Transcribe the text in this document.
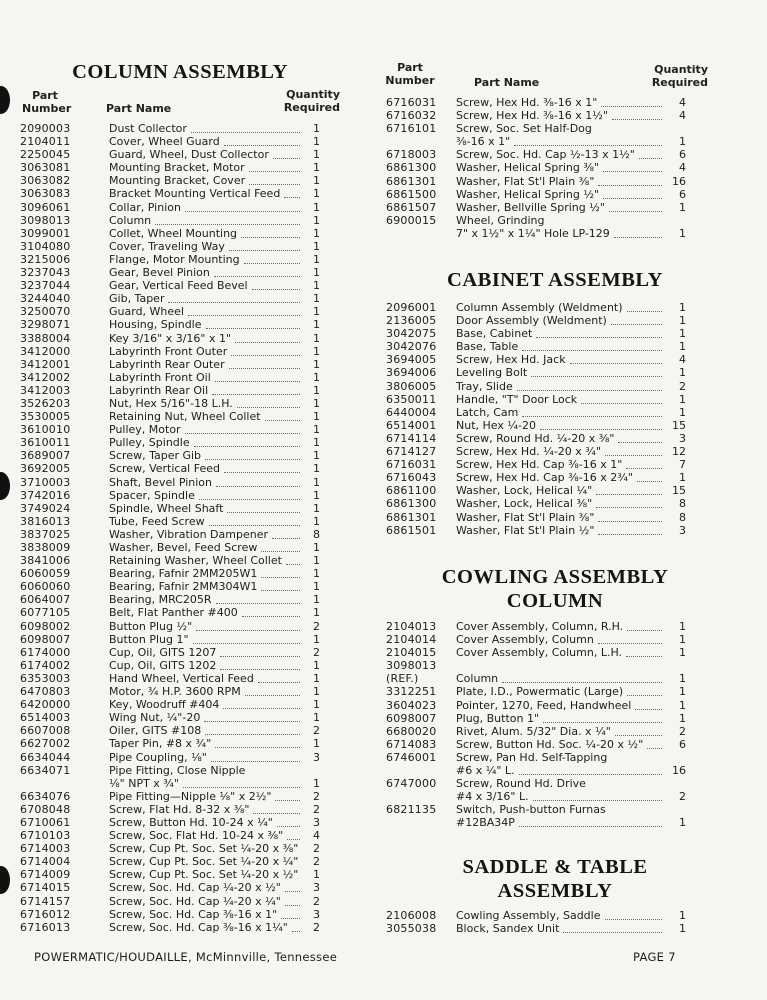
COLUMN ASSEMBLY
Part
Number	Part Name
Quantity
Required
2090003	Dust Collector	1
2104011	Cover, Wheel Guard	1
2250045	Guard, Wheel, Dust Collector	1
3063081	Mounting Bracket, Motor	1
3063082	Mounting Bracket, Cover	1
3063083	Bracket Mounting Vertical Feed	1
3096061	Collar, Pinion	1
3098013	Column	1
3099001	Collet, Wheel Mounting	1
3104080	Cover, Traveling Way	1
3215006	Flange, Motor Mounting	1
3237043	Gear, Bevel Pinion	1
3237044	Gear, Vertical Feed Bevel	1
3244040	Gib, Taper	1
3250070	Guard, Wheel	1
3298071	Housing, Spindle	1
3388004	Key 3/16" x 3/16" x 1"	1
3412000	Labyrinth Front Outer	1
3412001	Labyrinth Rear Outer	1
3412002	Labyrinth Front Oil	1
3412003	Labyrinth Rear Oil	1
3526203	Nut, Hex 5/16"-18 L.H.	1
3530005	Retaining Nut, Wheel Collet	1
3610010	Pulley, Motor	1
3610011	Pulley, Spindle	1
3689007	Screw, Taper Gib	1
3692005	Screw, Vertical Feed	1
3710003	Shaft, Bevel Pinion	1
3742016	Spacer, Spindle	1
3749024	Spindle, Wheel Shaft	1
3816013	Tube, Feed Screw	1
3837025	Washer, Vibration Dampener	8
3838009	Washer, Bevel, Feed Screw	1
3841006	Retaining Washer, Wheel Collet	1
6060059	Bearing, Fafnir 2MM205W1	1
6060060	Bearing, Fafnir 2MM304W1	1
6064007	Bearing, MRC205R	1
6077105	Belt, Flat Panther #400	1
6098002	Button Plug ½"	2
6098007	Button Plug 1"	1
6174000	Cup, Oil, GITS 1207	2
6174002	Cup, Oil, GITS 1202	1
6353003	Hand Wheel, Vertical Feed	1
6470803	Motor, ¾ H.P. 3600 RPM	1
6420000	Key, Woodruff #404	1
6514003	Wing Nut, ¼"-20	1
6607008	Oiler, GITS #108	2
6627002	Taper Pin, #8 x ¾"	1
6634044	Pipe Coupling, ⅛"	3
6634071	Pipe Fitting, Close Nipple
⅛" NPT x ¾"	1
6634076	Pipe Fitting—Nipple ⅛" x 2½"	2
6708048	Screw, Flat Hd. 8-32 x ⅜"	2
6710061	Screw, Button Hd. 10-24 x ¼"	3
6710103	Screw, Soc. Flat Hd. 10-24 x ⅜"	4
6714003	Screw, Cup Pt. Soc. Set ¼-20 x ⅜"	2
6714004	Screw, Cup Pt. Soc. Set ¼-20 x ¼"	2
6714009	Screw, Cup Pt. Soc. Set ¼-20 x ½"	1
6714015	Screw, Soc. Hd. Cap ¼-20 x ½"	3
6714157	Screw, Soc. Hd. Cap ¼-20 x ¼"	2
6716012	Screw, Soc. Hd. Cap ⅜-16 x 1"	3
6716013	Screw, Soc. Hd. Cap ⅜-16 x 1¼"	2
Part
Number	Part Name
Quantity
Required
6716031 Screw, Hex Hd. ⅜-16 x 1"	4
6716032 Screw, Hex Hd. ⅜-16 x 1½"	4
6716101 Screw, Soc. Set Half-Dog
⅜-16 x 1"	1
6718003 Screw, Soc. Hd. Cap ½-13 x 1½"	6
6861300 Washer, Helical Spring ⅜"	4
6861301 Washer, Flat St'l Plain ⅜"	16
6861500 Washer, Helical Spring ½"	6
6861507 Washer, Bellville Spring ½"	1
6900015 Wheel, Grinding
7" x 1½" x 1¼" Hole LP-129	1
CABINET ASSEMBLY
2096001 Column Assembly (Weldment)	1
2136005 Door Assembly (Weldment)	1
3042075 Base, Cabinet	1
3042076 Base, Table	1
3694005 Screw, Hex Hd. Jack	4
3694006 Leveling Bolt	1
3806005 Tray, Slide	2
6350011 Handle, "T" Door Lock	1
6440004 Latch, Cam	1
6514001 Nut, Hex ¼-20	15
6714114 Screw, Round Hd. ¼-20 x ⅜"	3
6714127 Screw, Hex Hd. ¼-20 x ¾"	12
6716031 Screw, Hex Hd. Cap ⅜-16 x 1"	7
6716043 Screw, Hex Hd. Cap ⅜-16 x 2¾"	1
6861100 Washer, Lock, Helical ¼"	15
6861300 Washer, Lock, Helical ⅜"	8
6861301 Washer, Flat St'l Plain ⅜"	8
6861501 Washer, Flat St'l Plain ½"	3
COWLING ASSEMBLY
COLUMN
2104013 Cover Assembly, Column, R.H.	1
2104014 Cover Assembly, Column	1
2104015 Cover Assembly, Column, L.H.	1
3098013
(REF.)	Column	1
3312251 Plate, I.D., Powermatic (Large)	1
3604023 Pointer, 1270, Feed, Handwheel	1
6098007 Plug, Button 1"	1
6680020 Rivet, Alum. 5/32" Dia. x ¼"	2
6714083 Screw, Button Hd. Soc. ¼-20 x ½"	6
6746001 Screw, Pan Hd. Self-Tapping
#6 x ¼" L.	16
6747000 Screw, Round Hd. Drive
#4 x 3/16" L.	2
6821135 Switch, Push-button Furnas
#12BA34P	1
SADDLE & TABLE
ASSEMBLY
2106008 Cowling Assembly, Saddle	1
3055038 Block, Sandex Unit	1
POWERMATIC/HOUDAILLE, McMinnville, Tennessee	PAGE 7
